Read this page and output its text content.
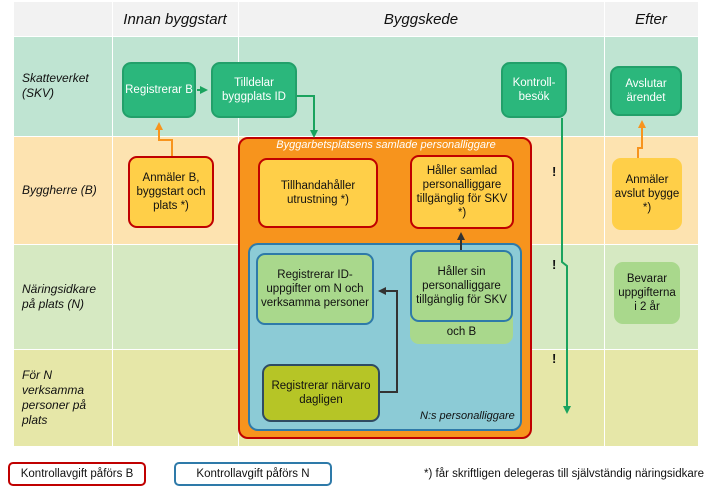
Innan byggstart	Byggskede	Efter
Skatteverket (SKV)
Byggherre (B)
Näringsidkare på plats (N)
För N verksamma personer på plats
Byggarbetsplatsens samlade personalliggare
N:s personalliggare
Registrerar B
Tilldelar byggplats ID
Kontroll-besök
Avslutar ärendet
Anmäler B, byggstart och plats *)
Tillhandahåller utrustning *)
Håller samlad personalliggare tillgänglig för SKV *)
Anmäler avslut bygge *)
Registrerar ID-uppgifter om N och verksamma personer
Håller sin personalliggare tillgänglig för SKV
och B
Bevarar uppgifterna i 2 år
Registrerar närvaro dagligen
!
!
!
Kontrollavgift påförs B	Kontrollavgift påförs N	*) får skriftligen delegeras till självständig näringsidkare
